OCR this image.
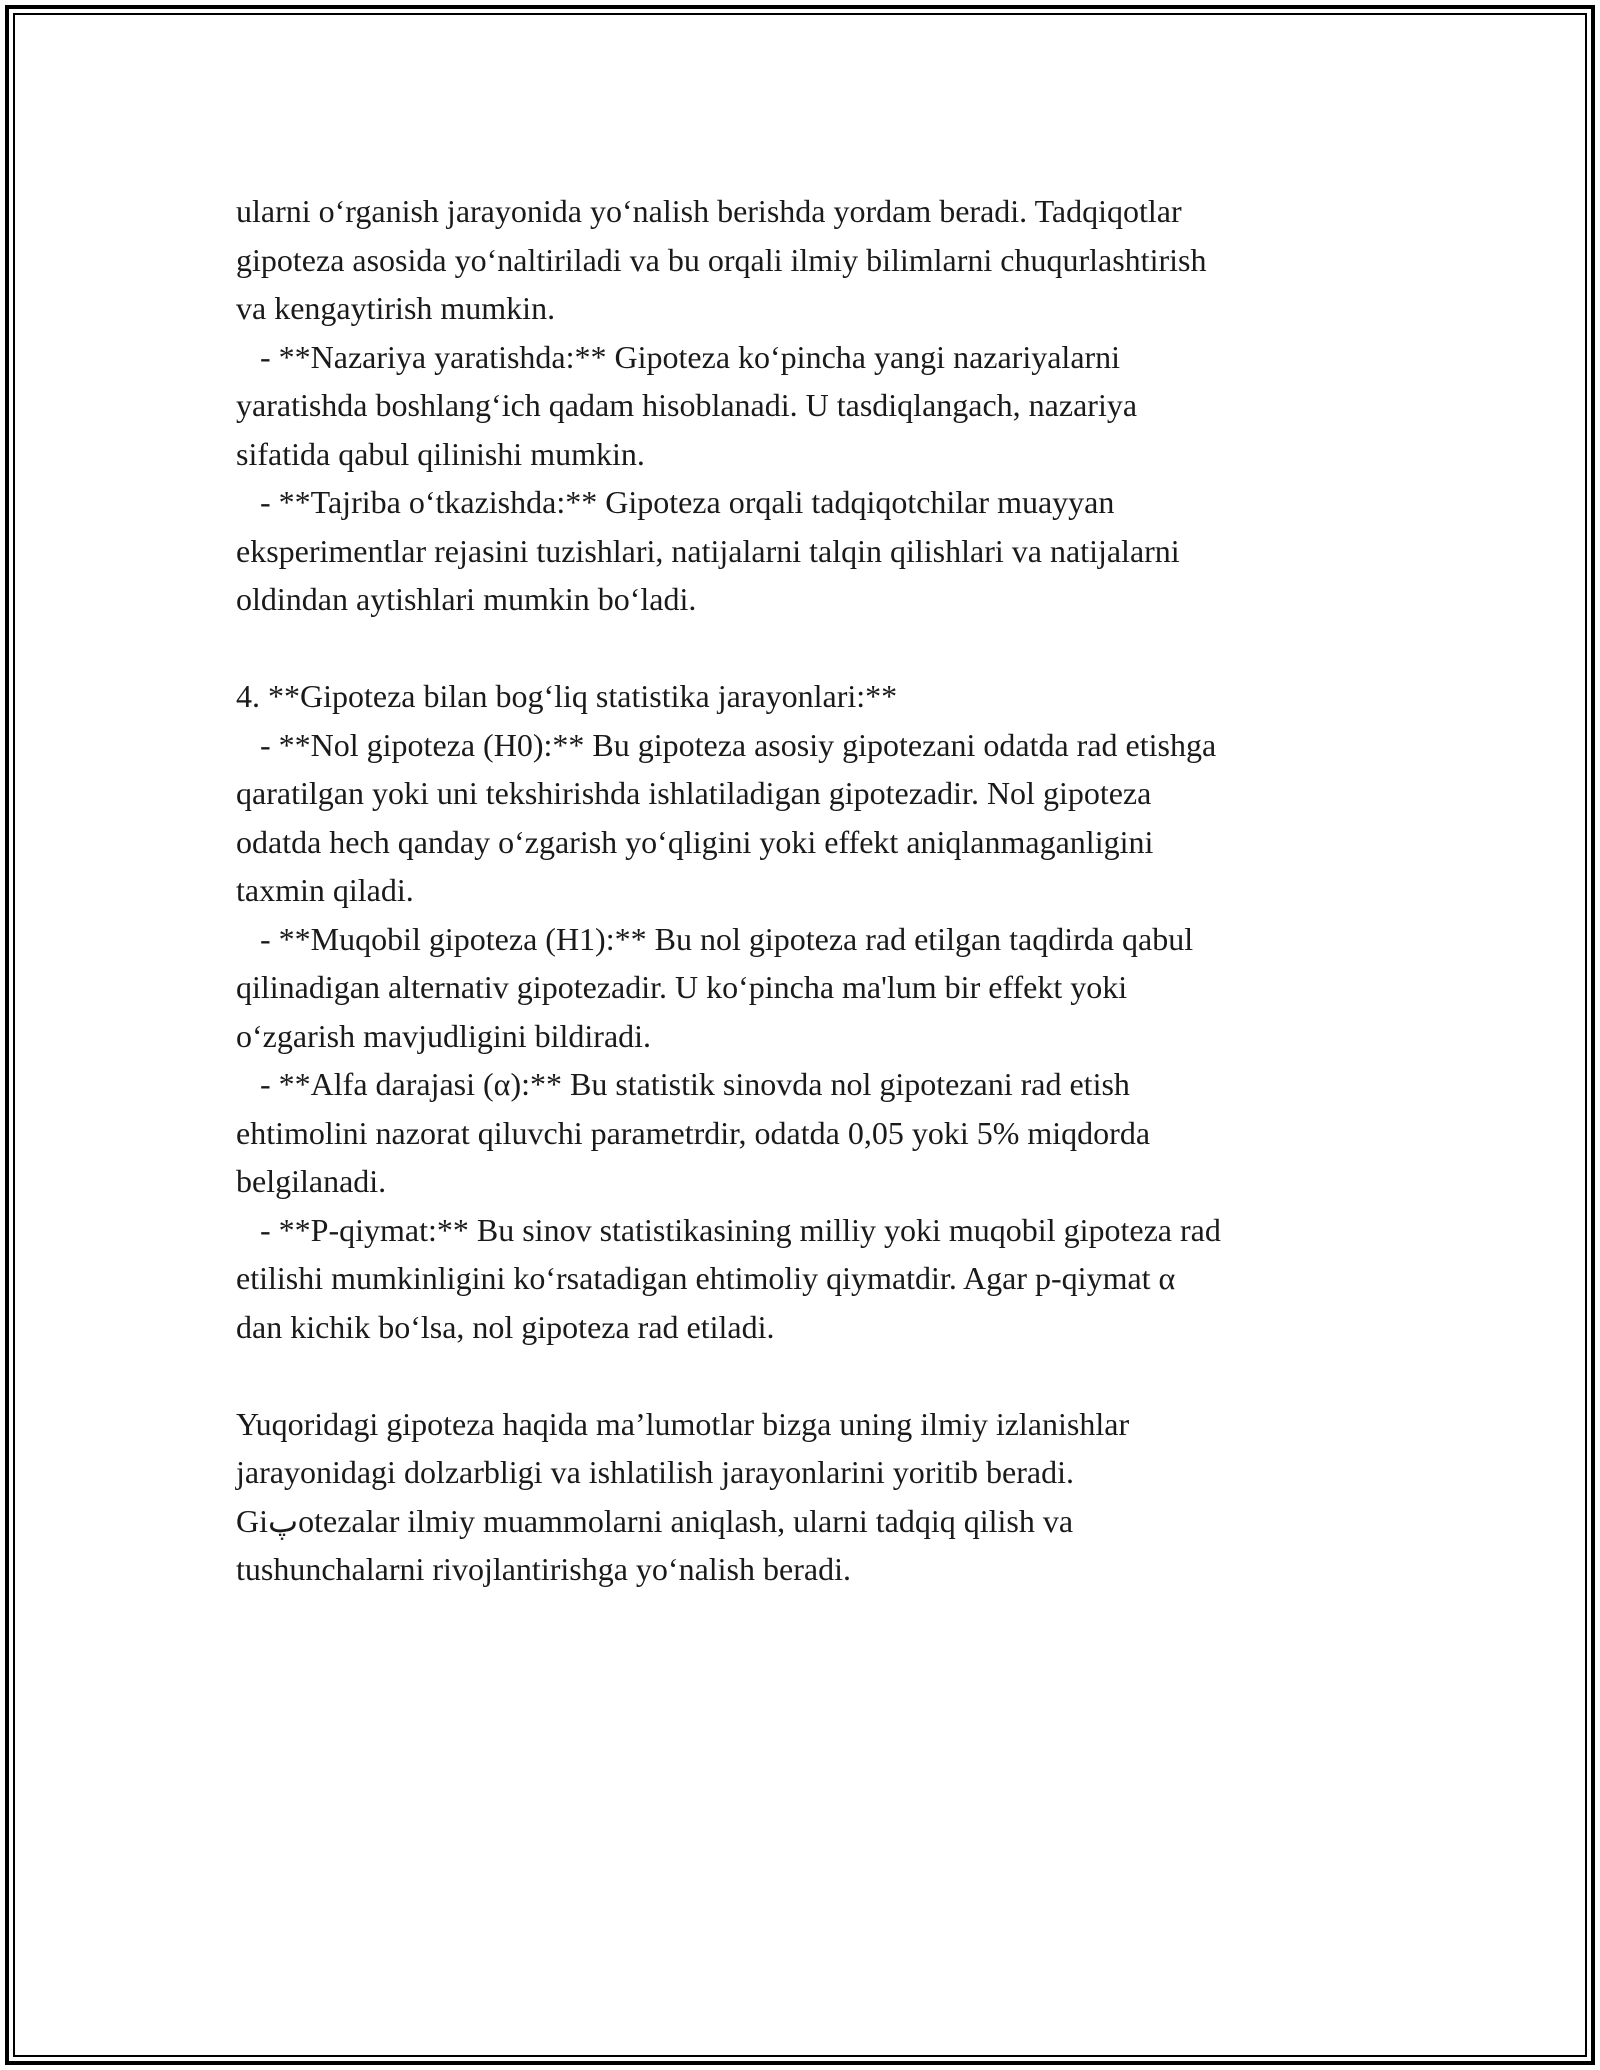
ularni o‘rganish jarayonida yo‘nalish berishda yordam beradi. Tadqiqotlar
gipoteza asosida yo‘naltiriladi va bu orqali ilmiy bilimlarni chuqurlashtirish
va kengaytirish mumkin.
- **Nazariya yaratishda:** Gipoteza ko‘pincha yangi nazariyalarni
yaratishda boshlang‘ich qadam hisoblanadi. U tasdiqlangach, nazariya
sifatida qabul qilinishi mumkin.
- **Tajriba o‘tkazishda:** Gipoteza orqali tadqiqotchilar muayyan
eksperimentlar rejasini tuzishlari, natijalarni talqin qilishlari va natijalarni
oldindan aytishlari mumkin bo‘ladi.
4. **Gipoteza bilan bog‘liq statistika jarayonlari:**
- **Nol gipoteza (H0):** Bu gipoteza asosiy gipotezani odatda rad etishga
qaratilgan yoki uni tekshirishda ishlatiladigan gipotezadir. Nol gipoteza
odatda hech qanday o‘zgarish yo‘qligini yoki effekt aniqlanmaganligini
taxmin qiladi.
- **Muqobil gipoteza (H1):** Bu nol gipoteza rad etilgan taqdirda qabul
qilinadigan alternativ gipotezadir. U ko‘pincha ma'lum bir effekt yoki
o‘zgarish mavjudligini bildiradi.
- **Alfa darajasi (α):** Bu statistik sinovda nol gipotezani rad etish
ehtimolini nazorat qiluvchi parametrdir, odatda 0,05 yoki 5% miqdorda
belgilanadi.
- **P-qiymat:** Bu sinov statistikasining milliy yoki muqobil gipoteza rad
etilishi mumkinligini ko‘rsatadigan ehtimoliy qiymatdir. Agar p-qiymat α
dan kichik bo‘lsa, nol gipoteza rad etiladi.
Yuqoridagi gipoteza haqida ma’lumotlar bizga uning ilmiy izlanishlar
jarayonidagi dolzarbligi va ishlatilish jarayonlarini yoritib beradi.
Giپotezalar ilmiy muammolarni aniqlash, ularni tadqiq qilish va
tushunchalarni rivojlantirishga yo‘nalish beradi.
